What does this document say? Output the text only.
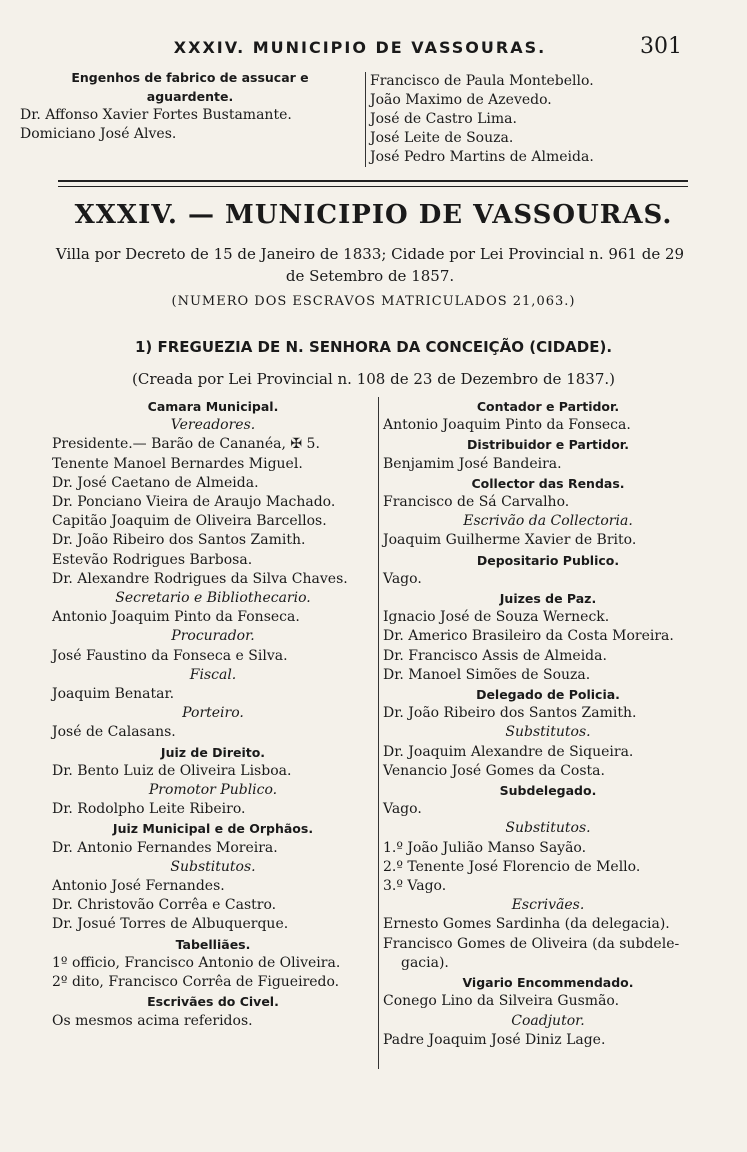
XXXIV. MUNICIPIO DE VASSOURAS.	301
Engenhos de fabrico de assucar e
aguardente.
Dr. Affonso Xavier Fortes Bustamante.
Domiciano José Alves.
Francisco de Paula Montebello.
João Maximo de Azevedo.
José de Castro Lima.
José Leite de Souza.
José Pedro Martins de Almeida.
XXXIV. — MUNICIPIO DE VASSOURAS.
Villa por Decreto de 15 de Janeiro de 1833; Cidade por Lei Provincial n. 961 de 29
de Setembro de 1857.
(NUMERO DOS ESCRAVOS MATRICULADOS 21,063.)
1) FREGUEZIA DE N. SENHORA DA CONCEIÇÃO (CIDADE).
(Creada por Lei Provincial n. 108 de 23 de Dezembro de 1837.)
Camara Municipal.
Vereadores.
Presidente.— Barão de Cananéa, ✠ 5.
Tenente Manoel Bernardes Miguel.
Dr. José Caetano de Almeida.
Dr. Ponciano Vieira de Araujo Machado.
Capitão Joaquim de Oliveira Barcellos.
Dr. João Ribeiro dos Santos Zamith.
Estevão Rodrigues Barbosa.
Dr. Alexandre Rodrigues da Silva Chaves.
Secretario e Bibliothecario.
Antonio Joaquim Pinto da Fonseca.
Procurador.
José Faustino da Fonseca e Silva.
Fiscal.
Joaquim Benatar.
Porteiro.
José de Calasans.
Juiz de Direito.
Dr. Bento Luiz de Oliveira Lisboa.
Promotor Publico.
Dr. Rodolpho Leite Ribeiro.
Juiz Municipal e de Orphãos.
Dr. Antonio Fernandes Moreira.
Substitutos.
Antonio José Fernandes.
Dr. Christovão Corrêa e Castro.
Dr. Josué Torres de Albuquerque.
Tabelliães.
1º officio, Francisco Antonio de Oliveira.
2º dito, Francisco Corrêa de Figueiredo.
Escrivães do Civel.
Os mesmos acima referidos.
Contador e Partidor.
Antonio Joaquim Pinto da Fonseca.
Distribuidor e Partidor.
Benjamim José Bandeira.
Collector das Rendas.
Francisco de Sá Carvalho.
Escrivão da Collectoria.
Joaquim Guilherme Xavier de Brito.
Depositario Publico.
Vago.
Juizes de Paz.
Ignacio José de Souza Werneck.
Dr. Americo Brasileiro da Costa Moreira.
Dr. Francisco Assis de Almeida.
Dr. Manoel Simões de Souza.
Delegado de Policia.
Dr. João Ribeiro dos Santos Zamith.
Substitutos.
Dr. Joaquim Alexandre de Siqueira.
Venancio José Gomes da Costa.
Subdelegado.
Vago.
Substitutos.
1.º João Julião Manso Sayão.
2.º Tenente José Florencio de Mello.
3.º Vago.
Escrivães.
Ernesto Gomes Sardinha (da delegacia).
Francisco Gomes de Oliveira (da subdele-
gacia).
Vigario Encommendado.
Conego Lino da Silveira Gusmão.
Coadjutor.
Padre Joaquim José Diniz Lage.
